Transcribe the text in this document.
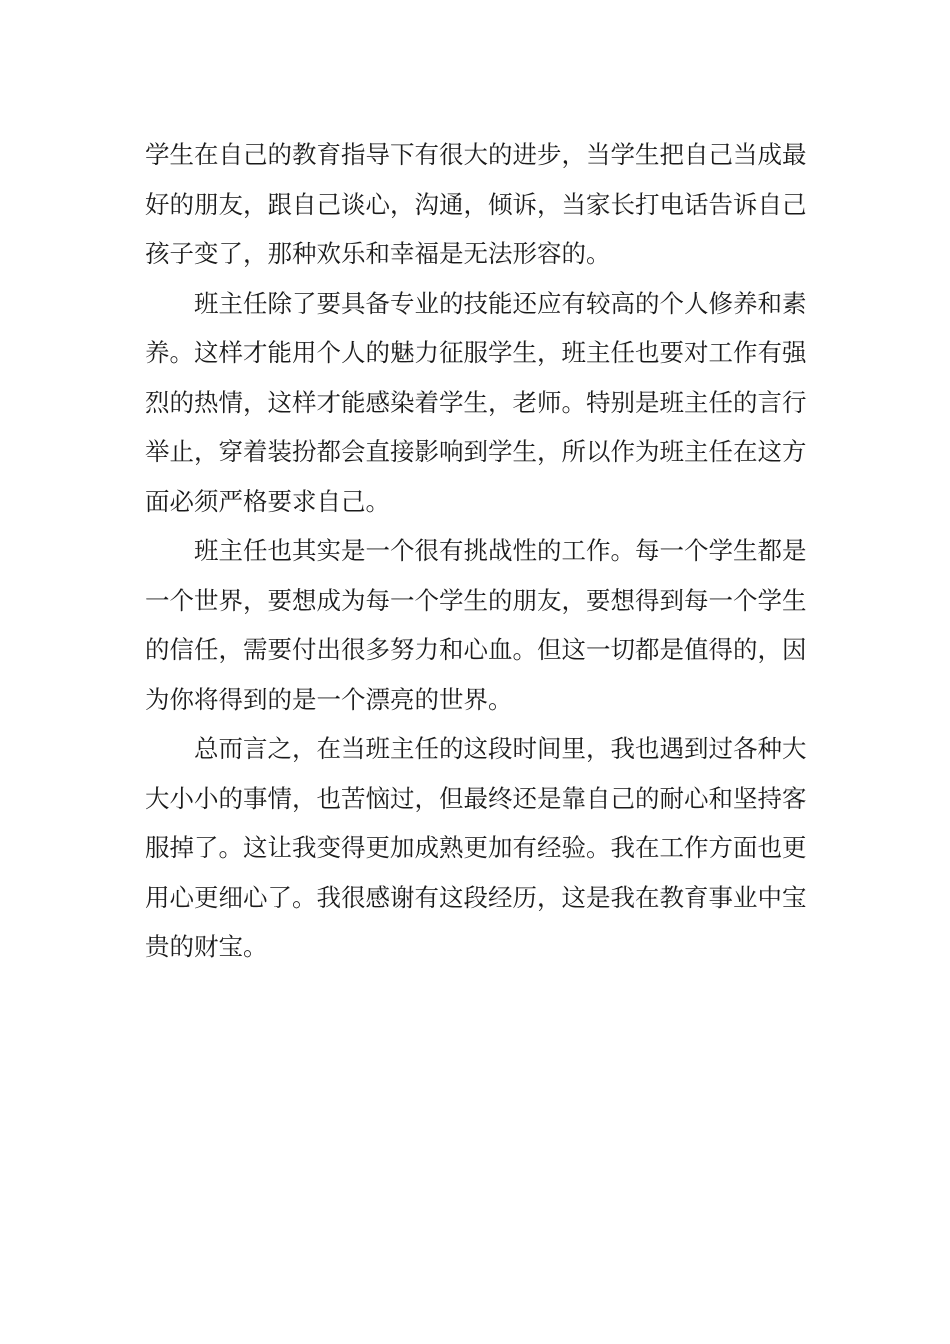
学生在自己的教育指导下有很大的进步，当学生把自己当成最
好的朋友，跟自己谈心，沟通，倾诉，当家长打电话告诉自己
孩子变了，那种欢乐和幸福是无法形容的。
　　班主任除了要具备专业的技能还应有较高的个人修养和素
养。这样才能用个人的魅力征服学生，班主任也要对工作有强
烈的热情，这样才能感染着学生，老师。特别是班主任的言行
举止，穿着装扮都会直接影响到学生，所以作为班主任在这方
面必须严格要求自己。
　　班主任也其实是一个很有挑战性的工作。每一个学生都是
一个世界，要想成为每一个学生的朋友，要想得到每一个学生
的信任，需要付出很多努力和心血。但这一切都是值得的，因
为你将得到的是一个漂亮的世界。
　　总而言之，在当班主任的这段时间里，我也遇到过各种大
大小小的事情，也苦恼过，但最终还是靠自己的耐心和坚持客
服掉了。这让我变得更加成熟更加有经验。我在工作方面也更
用心更细心了。我很感谢有这段经历，这是我在教育事业中宝
贵的财宝。
